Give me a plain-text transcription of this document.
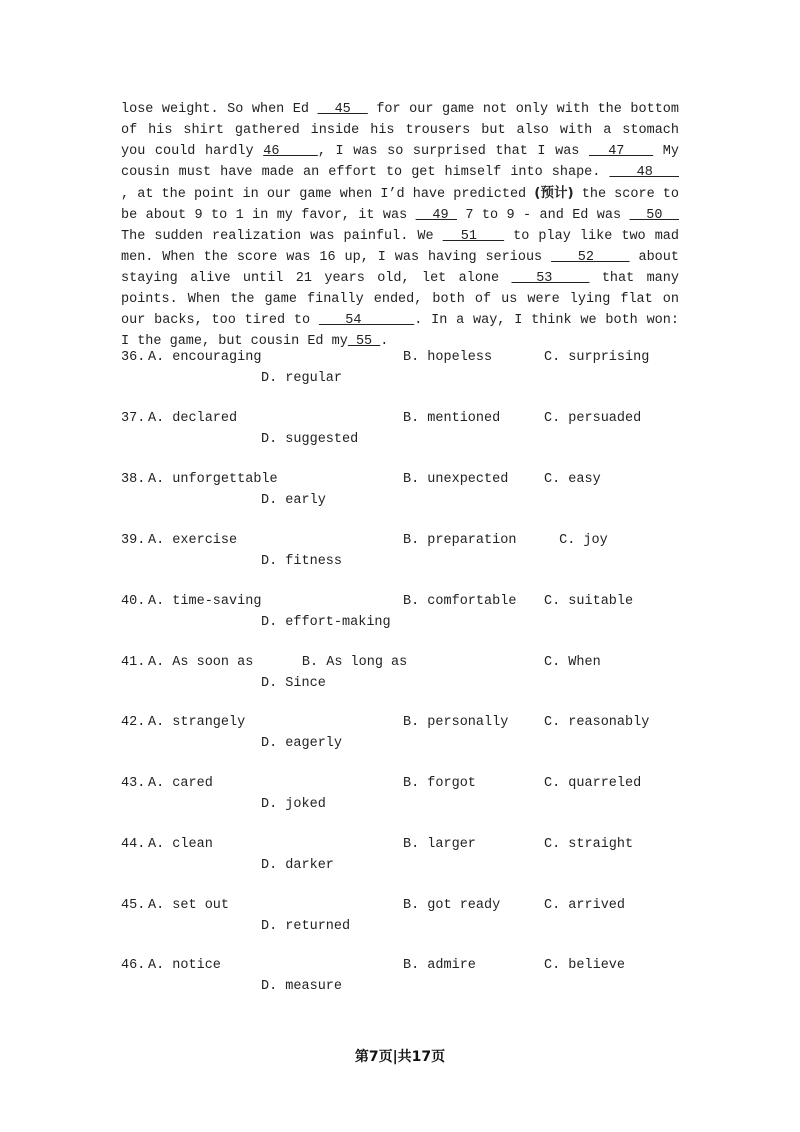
lose weight. So when Ed   45   for our game not only with the bottom of his shirt gathered inside his trousers but also with a stomach you could hardly 46    , I was so surprised that I was   47    My cousin must have made an effort to get himself into shape.    48    , at the point in our game when I’d have predicted (预计) the score to be about 9 to 1 in my favor, it was   49  7 to 9 - and Ed was   50   The sudden realization was painful. We   51    to play like two mad men. When the score was 16 up, I was having serious    52     about staying alive until 21 years old, let alone   53    that many points. When the game finally ended, both of us were lying flat on our backs, too tired to    54      . In a way, I think we both won: I the game, but cousin Ed my 55 .

36. A. encouraging	B. hopeless	C. surprising
D. regular
37. A. declared	B. mentioned	C. persuaded
D. suggested
38. A. unforgettable	B. unexpected	C. easy
D. early
39. A. exercise	B. preparation	C. joy
D. fitness
40. A. time-saving	B. comfortable C. suitable
D. effort-making
41. A. As soon as      B. As long as	C. When
D. Since
42. A. strangely	B. personally	C. reasonably
D. eagerly
43. A. cared	B. forgot	C. quarreled
D. joked
44. A. clean	B. larger	C. straight
D. darker
45. A. set out	B. got ready	C. arrived
D. returned
46. A. notice	B. admire	C. believe
D. measure
第7页|共17页
